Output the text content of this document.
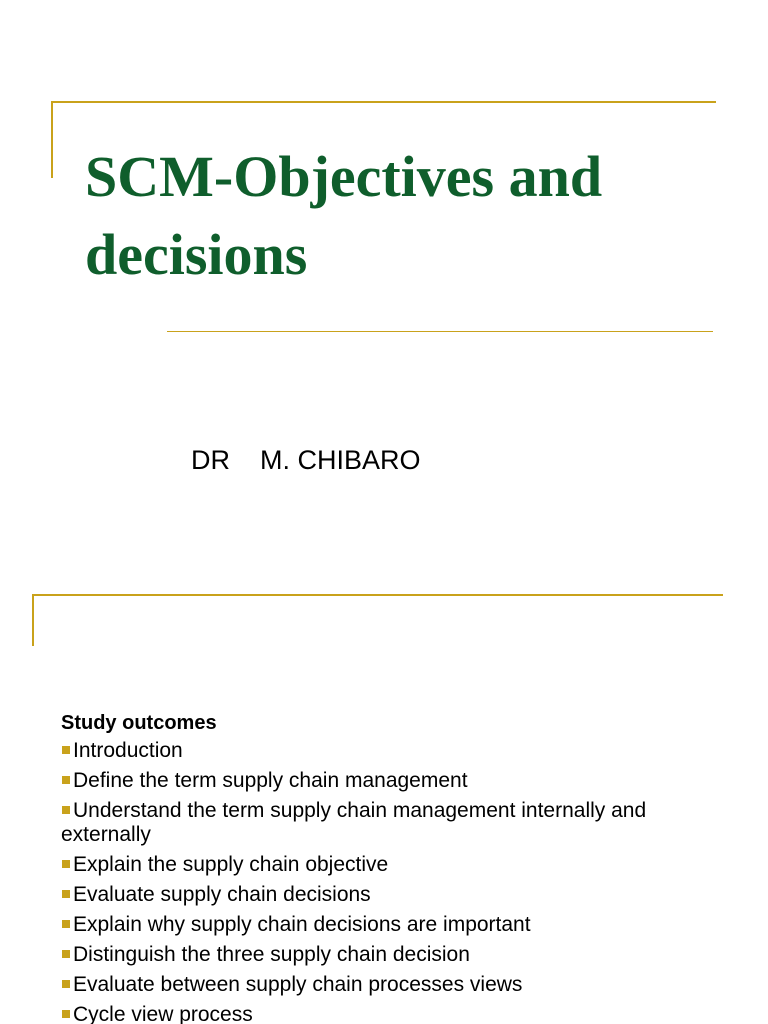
SCM-Objectives and decisions
DR    M. CHIBARO

Study outcomes

Introduction
Define the term supply chain management
Understand the term supply chain management internally and externally
Explain the supply chain objective
Evaluate supply chain decisions
Explain why supply chain decisions are important
Distinguish the three supply chain decision
Evaluate between supply chain processes views
Cycle view process
